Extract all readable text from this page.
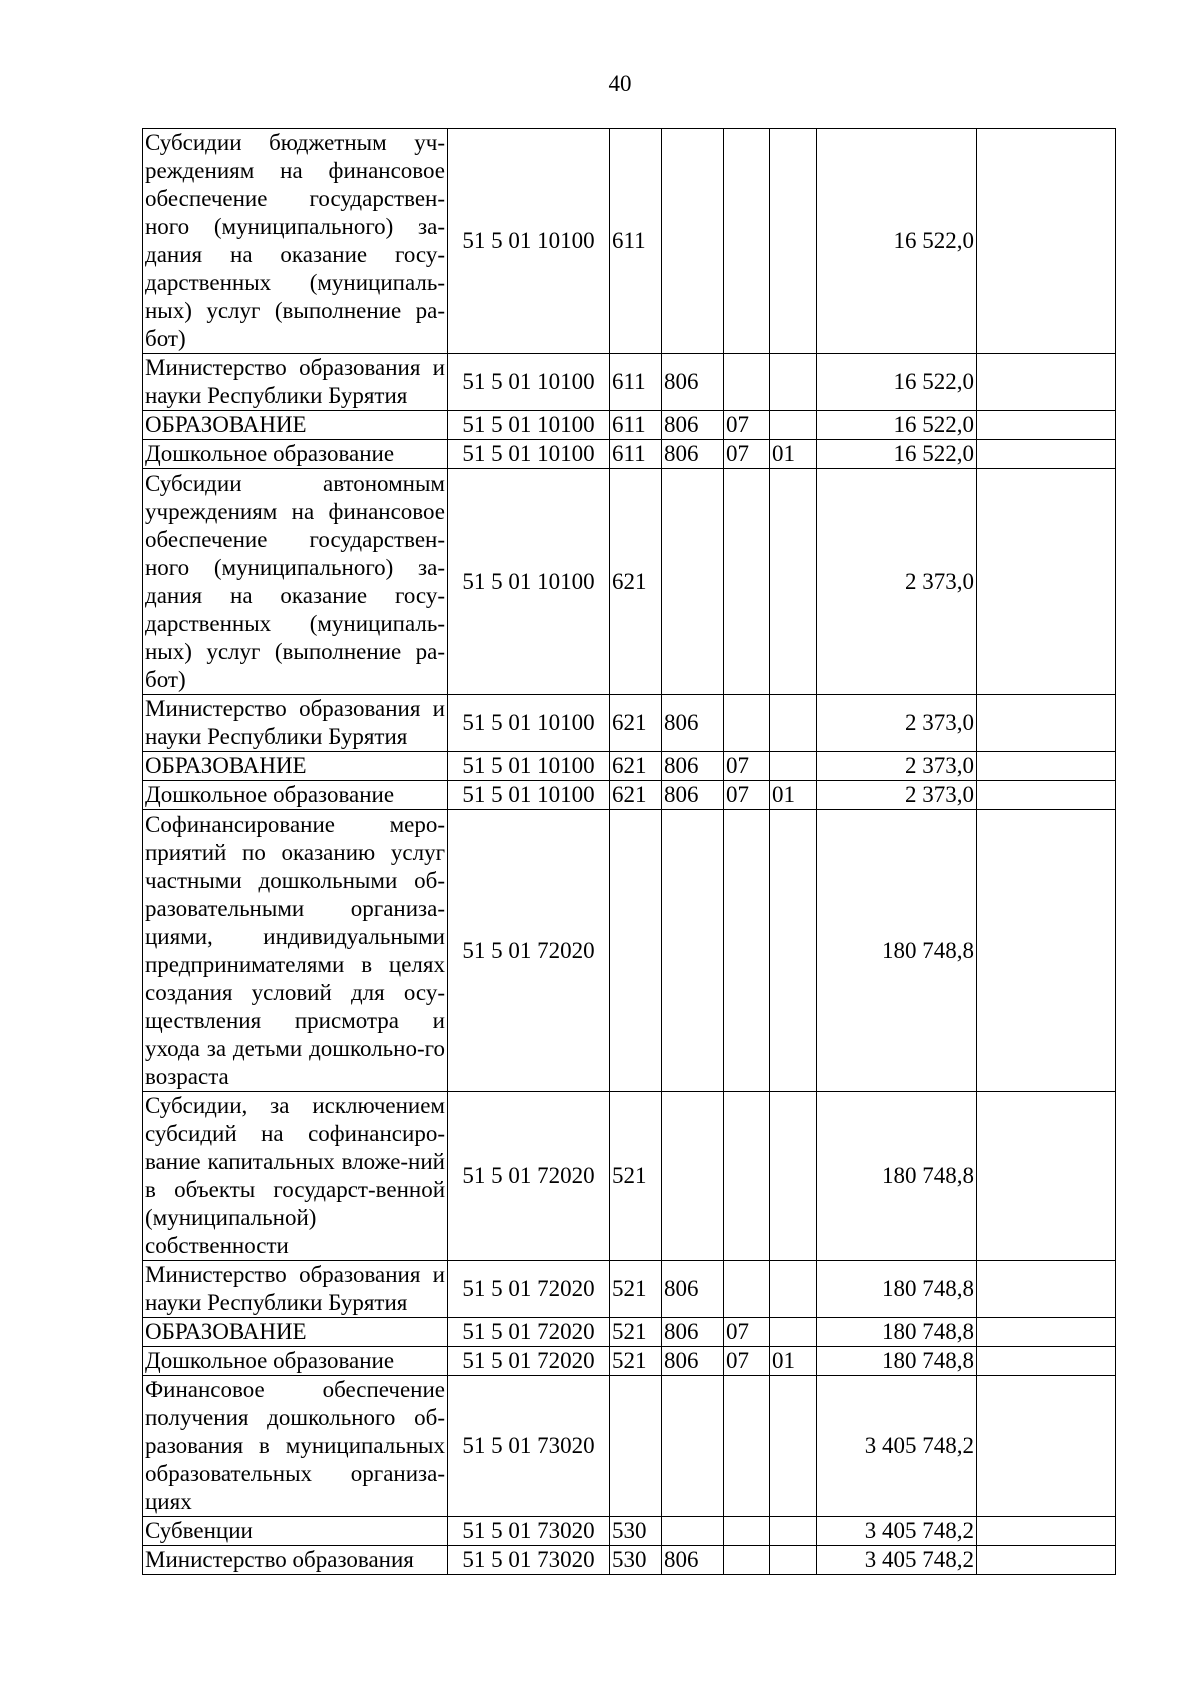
40
Субсидии бюджетным уч-реждениям на финансовое обеспечение государствен-ного (муниципального) за-дания на оказание госу-дарственных (муниципаль-ных) услуг (выполнение ра-бот)	51 5 01 10100	611				16 522,0	
Министерство образования и науки Республики Бурятия	51 5 01 10100	611	806			16 522,0	
ОБРАЗОВАНИЕ	51 5 01 10100	611	806	07		16 522,0	
Дошкольное образование	51 5 01 10100	611	806	07	01	16 522,0	
Субсидии автономным учреждениям на финансовое обеспечение государствен-ного (муниципального) за-дания на оказание госу-дарственных (муниципаль-ных) услуг (выполнение ра-бот)	51 5 01 10100	621				2 373,0	
Министерство образования и науки Республики Бурятия	51 5 01 10100	621	806			2 373,0	
ОБРАЗОВАНИЕ	51 5 01 10100	621	806	07		2 373,0	
Дошкольное образование	51 5 01 10100	621	806	07	01	2 373,0	
Софинансирование меро-приятий по оказанию услуг частными дошкольными об-разовательными организа-циями, индивидуальными предпринимателями в целях создания условий для осу-ществления присмотра и ухода за детьми дошкольно-го возраста	51 5 01 72020					180 748,8	
Субсидии, за исключением субсидий на софинансиро-вание капитальных вложе-ний в объекты государст-венной (муниципальной) собственности	51 5 01 72020	521				180 748,8	
Министерство образования и науки Республики Бурятия	51 5 01 72020	521	806			180 748,8	
ОБРАЗОВАНИЕ	51 5 01 72020	521	806	07		180 748,8	
Дошкольное образование	51 5 01 72020	521	806	07	01	180 748,8	
Финансовое обеспечение получения дошкольного об-разования в муниципальных образовательных организа-циях	51 5 01 73020					3 405 748,2	
Субвенции	51 5 01 73020	530				3 405 748,2	
Министерство образования	51 5 01 73020	530	806			3 405 748,2	
